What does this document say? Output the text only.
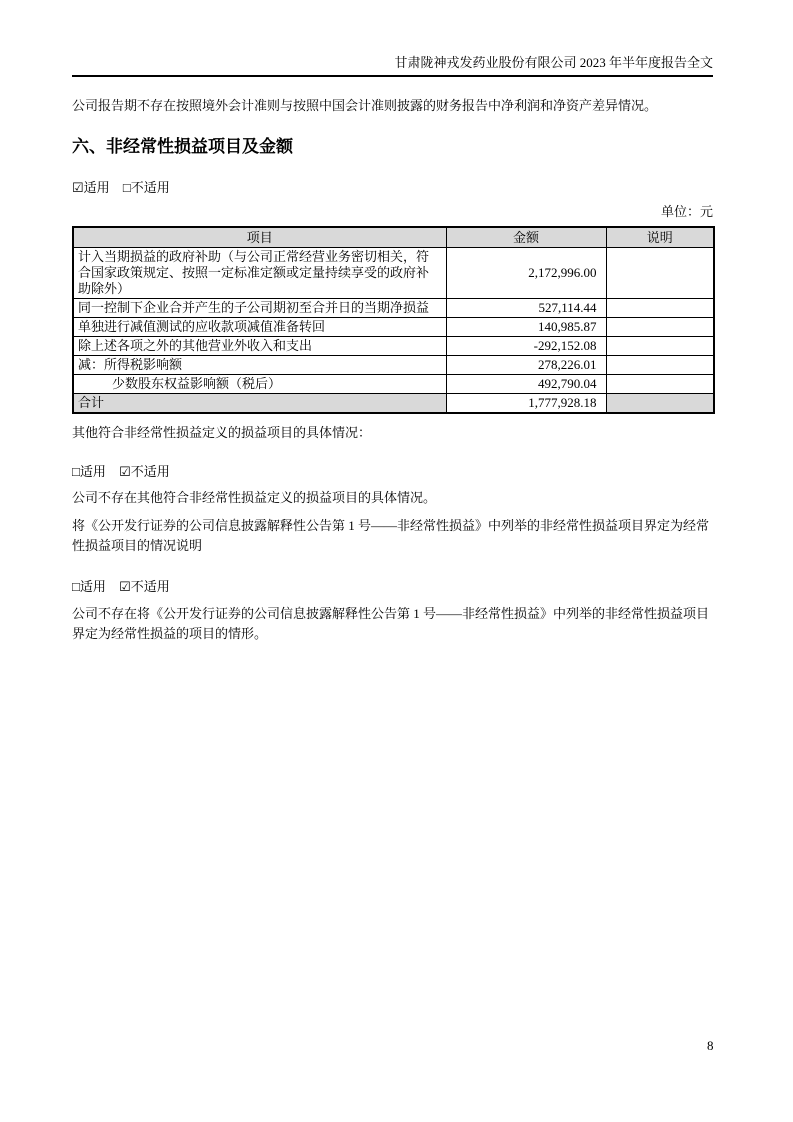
甘肃陇神戎发药业股份有限公司 2023 年半年度报告全文

公司报告期不存在按照境外会计准则与按照中国会计准则披露的财务报告中净利润和净资产差异情况。

六、非经常性损益项目及金额

☑适用 □不适用

单位：元

项目	金额	说明
计入当期损益的政府补助（与公司正常经营业务密切相关，符合国家政策规定、按照一定标准定额或定量持续享受的政府补助除外）	2,172,996.00	
同一控制下企业合并产生的子公司期初至合并日的当期净损益	527,114.44	
单独进行减值测试的应收款项减值准备转回	140,985.87	
除上述各项之外的其他营业外收入和支出	-292,152.08	
减：所得税影响额	278,226.01	
少数股东权益影响额（税后）	492,790.04	
合计	1,777,928.18	

其他符合非经常性损益定义的损益项目的具体情况：

□适用 ☑不适用

公司不存在其他符合非经常性损益定义的损益项目的具体情况。

将《公开发行证券的公司信息披露解释性公告第 1 号——非经常性损益》中列举的非经常性损益项目界定为经常性损益项目的情况说明

□适用 ☑不适用

公司不存在将《公开发行证券的公司信息披露解释性公告第 1 号——非经常性损益》中列举的非经常性损益项目界定为经常性损益的项目的情形。

8
